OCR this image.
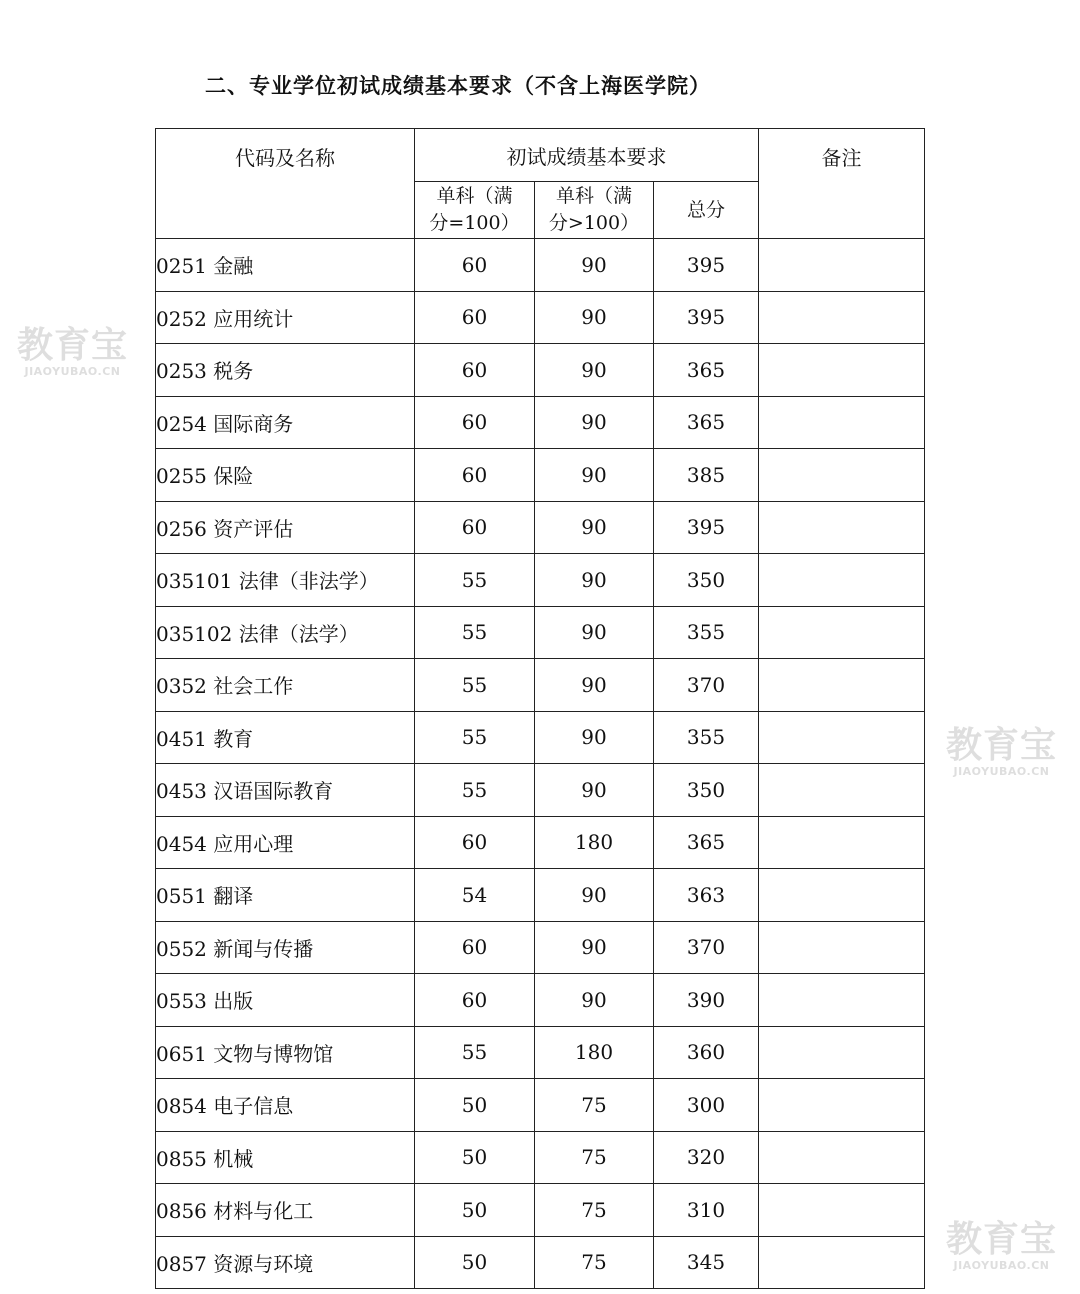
二、专业学位初试成绩基本要求（不含上海医学院）
代码及名称	初试成绩基本要求			备注

	单科（满
分=100）	单科（满
分>100）	总分	

0251 金融	60	90	395	
0252 应用统计	60	90	395	
0253 税务	60	90	365	
0254 国际商务	60	90	365	
0255 保险	60	90	385	
0256 资产评估	60	90	395	
035101 法律（非法学）	55	90	350	
035102 法律（法学）	55	90	355	
0352 社会工作	55	90	370	
0451 教育	55	90	355	
0453 汉语国际教育	55	90	350	
0454 应用心理	60	180	365	
0551 翻译	54	90	363	
0552 新闻与传播	60	90	370	
0553 出版	60	90	390	
0651 文物与博物馆	55	180	360	
0854 电子信息	50	75	300	
0855 机械	50	75	320	
0856 材料与化工	50	75	310	
0857 资源与环境	50	75	345	
教育宝
JIAOYUBAO.CN
教育宝
JIAOYUBAO.CN
教育宝
JIAOYUBAO.CN
